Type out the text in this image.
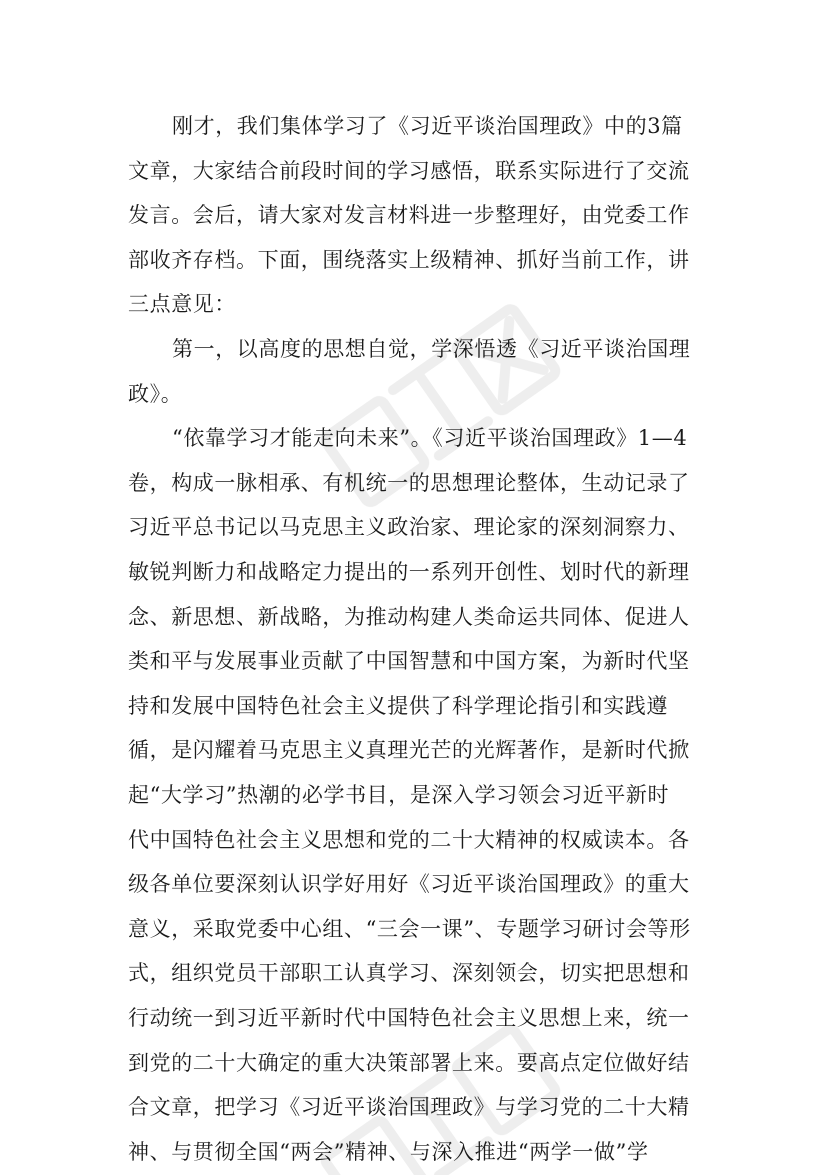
刚才，我们集体学习了《习近平谈治国理政》中的3篇
文章，大家结合前段时间的学习感悟，联系实际进行了交流
发言。会后，请大家对发言材料进一步整理好，由党委工作
部收齐存档。下面，围绕落实上级精神、抓好当前工作，讲
三点意见：
第一，以高度的思想自觉，学深悟透《习近平谈治国理
政》。
“依靠学习才能走向未来”。《习近平谈治国理政》1—4
卷，构成一脉相承、有机统一的思想理论整体，生动记录了
习近平总书记以马克思主义政治家、理论家的深刻洞察力、
敏锐判断力和战略定力提出的一系列开创性、划时代的新理
念、新思想、新战略，为推动构建人类命运共同体、促进人
类和平与发展事业贡献了中国智慧和中国方案，为新时代坚
持和发展中国特色社会主义提供了科学理论指引和实践遵
循，是闪耀着马克思主义真理光芒的光辉著作，是新时代掀
起“大学习”热潮的必学书目，是深入学习领会习近平新时
代中国特色社会主义思想和党的二十大精神的权威读本。各
级各单位要深刻认识学好用好《习近平谈治国理政》的重大
意义，采取党委中心组、“三会一课”、专题学习研讨会等形
式，组织党员干部职工认真学习、深刻领会，切实把思想和
行动统一到习近平新时代中国特色社会主义思想上来，统一
到党的二十大确定的重大决策部署上来。要高点定位做好结
合文章，把学习《习近平谈治国理政》与学习党的二十大精
神、与贯彻全国“两会”精神、与深入推进“两学一做”学
